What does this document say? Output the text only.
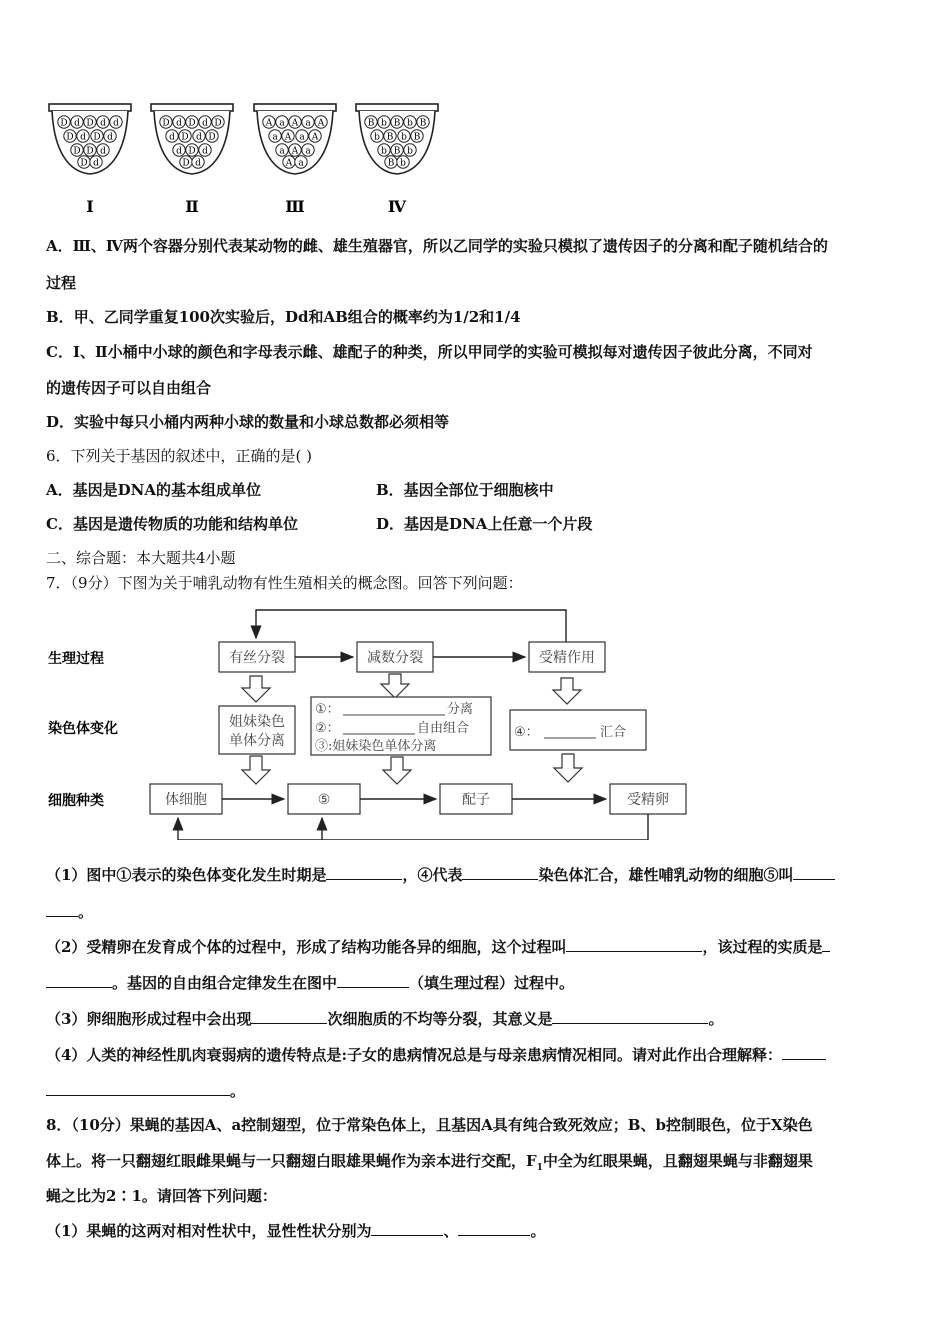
D d D d d
D d D d
D D d
D d
Ⅰ
D d D d D
d D d D
d D d
D d
Ⅱ
A a A a A
a A a A
a A a
A a
Ⅲ
B b B b B
b B b B
b B b
B b
Ⅳ
A．Ⅲ、Ⅳ两个容器分别代表某动物的雌、雄生殖器官，所以乙同学的实验只模拟了遗传因子的分离和配子随机结合的
过程
B．甲、乙同学重复100次实验后，Dd和AB组合的概率约为1/2和1/4
C．Ⅰ、Ⅱ小桶中小球的颜色和字母表示雌、雄配子的种类，所以甲同学的实验可模拟每对遗传因子彼此分离，不同对
的遗传因子可以自由组合
D．实验中每只小桶内两种小球的数量和小球总数都必须相等
6．下列关于基因的叙述中，正确的是( )
A．基因是DNA的基本组成单位	B．基因全部位于细胞核中
C．基因是遗传物质的功能和结构单位	D．基因是DNA上任意一个片段
二、综合题：本大题共4小题
7．（9分）下图为关于哺乳动物有性生殖相关的概念图。回答下列问题：
生理过程
染色体变化
细胞种类
有丝分裂	减数分裂	受精作用
姐妹染色
单体分离
①：	分离
②：	自由组合
③:姐妹染色单体分离
④：	汇合
体细胞	⑤	配子	受精卵
（1）图中①表示的染色体变化发生时期是	，④代表	染色体汇合，雄性哺乳动物的细胞⑤叫
。
（2）受精卵在发育成个体的过程中，形成了结构功能各异的细胞，这个过程叫	，该过程的实质是
。基因的自由组合定律发生在图中	（填生理过程）过程中。
（3）卵细胞形成过程中会出现	次细胞质的不均等分裂，其意义是	。
（4）人类的神经性肌肉衰弱病的遗传特点是:子女的患病情况总是与母亲患病情况相同。请对此作出合理解释：
。
8．（10分）果蝇的基因A、a控制翅型，位于常染色体上，且基因A具有纯合致死效应；B、b控制眼色，位于X染色
体上。将一只翻翅红眼雌果蝇与一只翻翅白眼雄果蝇作为亲本进行交配，$F_1$中全为红眼果蝇，且翻翅果蝇与非翻翅果
蝇之比为2∶1。请回答下列问题：
（1）果蝇的这两对相对性状中，显性性状分别为	、	。
